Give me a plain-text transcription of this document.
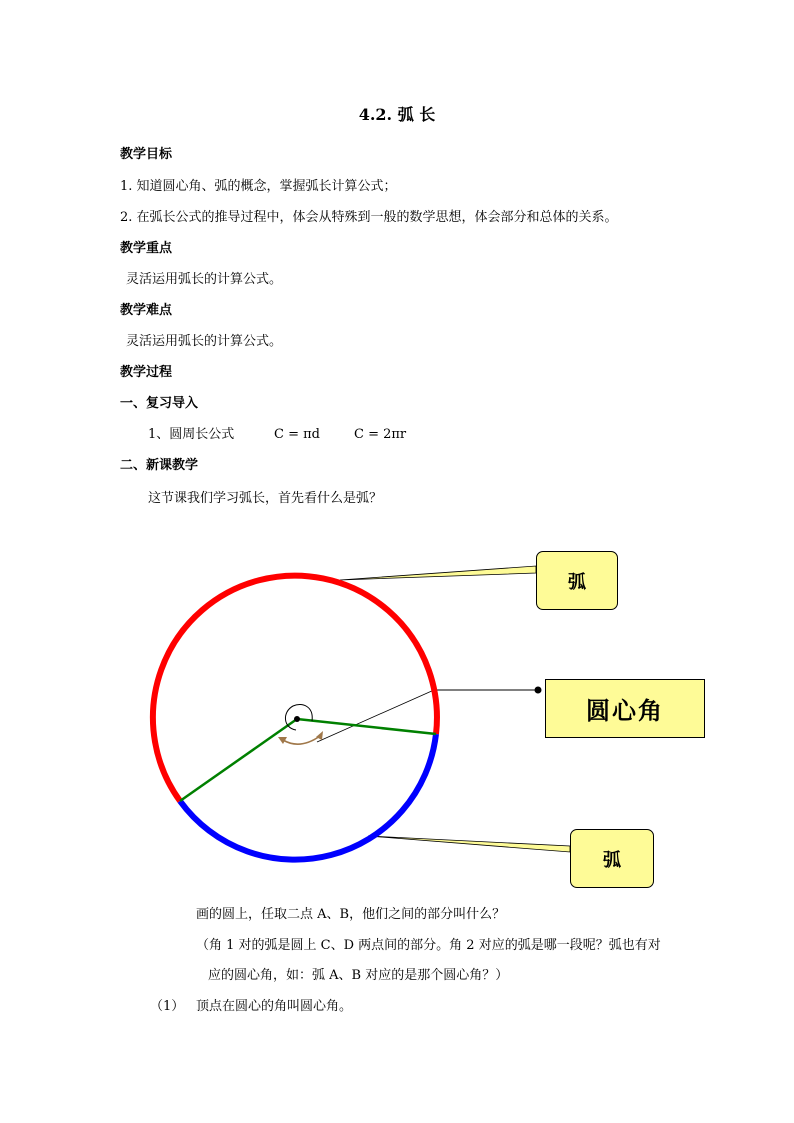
4.2. 弧 长
教学目标
1. 知道圆心角、弧的概念，掌握弧长计算公式；
2. 在弧长公式的推导过程中，体会从特殊到一般的数学思想，体会部分和总体的关系。
教学重点
灵活运用弧长的计算公式。
教学难点
灵活运用弧长的计算公式。
教学过程
一、复习导入
1、圆周长公式	C = πd	C = 2πr
二、新课教学
这节课我们学习弧长，首先看什么是弧？
弧
圆心角
弧
画的圆上，任取二点 A、B，他们之间的部分叫什么？
（角 1 对的弧是圆上 C、D 两点间的部分。角 2 对应的弧是哪一段呢？弧也有对
应的圆心角，如：弧 A、B 对应的是那个圆心角？）
（1） 顶点在圆心的角叫圆心角。
